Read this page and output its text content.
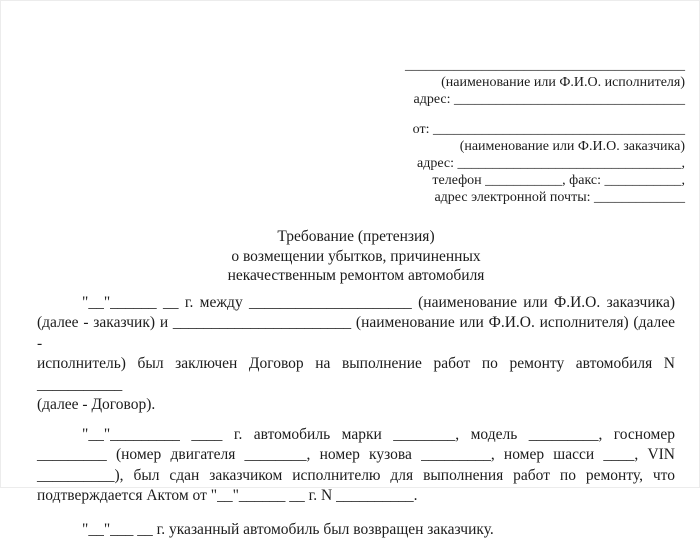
________________________________________
(наименование или Ф.И.О. исполнителя)
адрес: _________________________________
от: ____________________________________
(наименование или Ф.И.О. заказчика)
адрес: ________________________________,
телефон ___________, факс: ___________,
адрес электронной почты: _____________
Требование (претензия)
о возмещении убытков, причиненных
некачественным ремонтом автомобиля
"__"______ __ г. между _____________________ (наименование или Ф.И.О. заказчика)
(далее - заказчик) и _______________________ (наименование или Ф.И.О. исполнителя) (далее -
исполнитель) был заключен Договор на выполнение работ по ремонту автомобиля N ___________
(далее - Договор).
"__"_________ ____ г. автомобиль марки ________, модель _________, госномер
_________ (номер двигателя ________, номер кузова _________, номер шасси ____, VIN
__________), был сдан заказчиком исполнителю для выполнения работ по ремонту, что
подтверждается Актом от "__"______ __ г. N __________.
"__"___ __ г. указанный автомобиль был возвращен заказчику.
